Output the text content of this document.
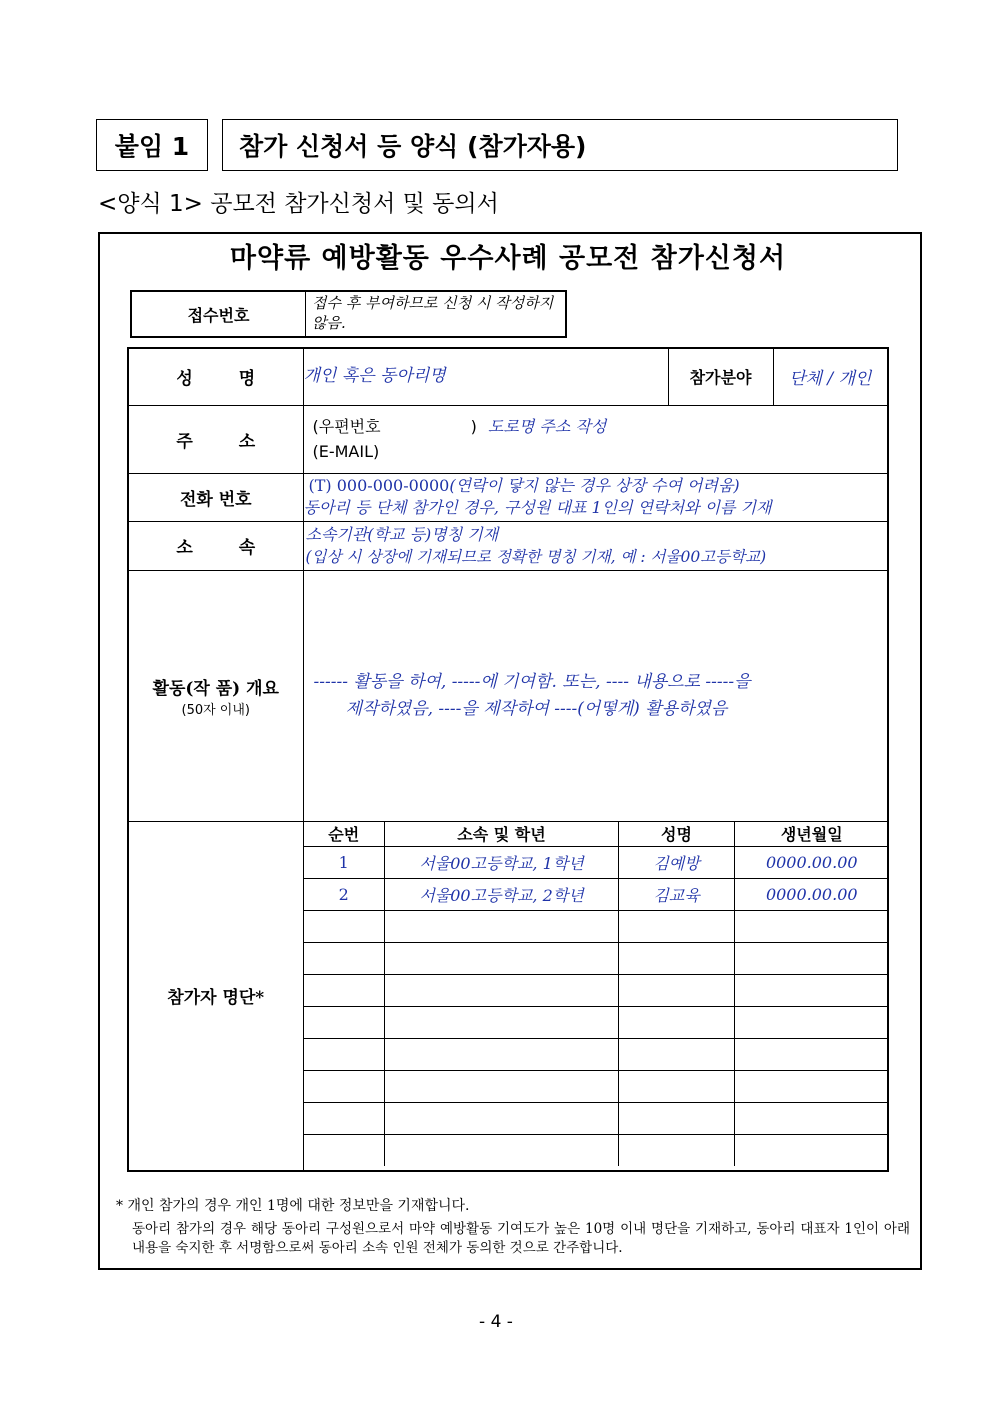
붙임 1	참가 신청서 등 양식 (참가자용)
<양식 1> 공모전 참가신청서 및 동의서
마약류 예방활동 우수사례 공모전 참가신청서
접수번호
접수 후 부여하므로 신청 시 작성하지 않음.
성 명	개인 혹은 동아리명	참가분야	단체 / 개인
주 소	
(우편번호	) 도로명 주소 작성
(E-MAIL)

전화 번호	
(T) 000-000-0000(연락이 닿지 않는 경우 상장 수여 어려움)
동아리 등 단체 참가인 경우, 구성원 대표 1인의 연락처와 이름 기재

소 속	
소속기관(학교 등)명칭 기재
(입상 시 상장에 기재되므로 정확한 명칭 기재, 예 : 서울00고등학교)

활동(작 품) 개요
(50자 이내)

------ 활동을 하여, -----에 기여함. 또는, ---- 내용으로 -----을
제작하였음, ----을 제작하여 ----(어떻게) 활용하였음

참가자 명단*	
순번	소속 및 학년	성명	생년월일
1	서울00고등학교, 1학년	김예방	0000.00.00
2	서울00고등학교, 2학년	김교육	0000.00.00

* 개인 참가의 경우 개인 1명에 대한 정보만을 기재합니다.
동아리 참가의 경우 해당 동아리 구성원으로서 마약 예방활동 기여도가 높은 10명 이내 명단을 기재하고, 동아리 대표자 1인이 아래 내용을 숙지한 후 서명함으로써 동아리 소속 인원 전체가 동의한 것으로 간주합니다.
- 4 -
